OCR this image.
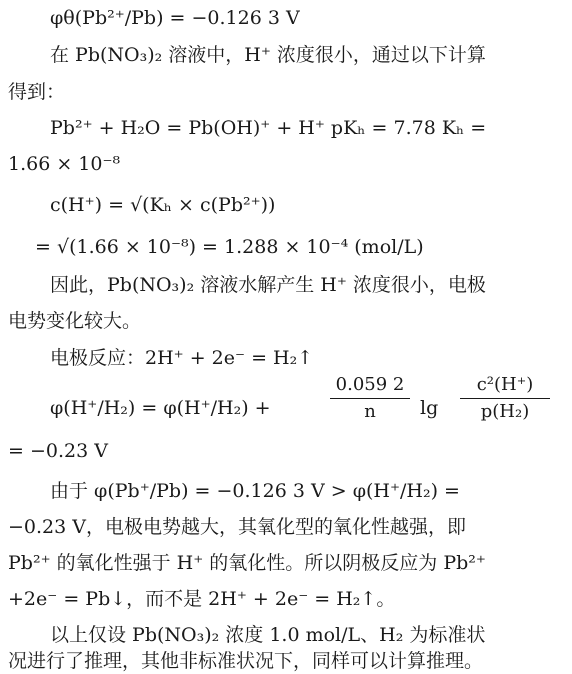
φθ(Pb²⁺/Pb) = −0.126 3 V
在 Pb(NO₃)₂ 溶液中，H⁺ 浓度很小，通过以下计算
得到：
Pb²⁺ + H₂O = Pb(OH)⁺ + H⁺ pKₕ = 7.78 Kₕ =
1.66 × 10⁻⁸
c(H⁺) = √(Kₕ × c(Pb²⁺))
= √(1.66 × 10⁻⁸) = 1.288 × 10⁻⁴ (mol/L)
因此，Pb(NO₃)₂ 溶液水解产生 H⁺ 浓度很小，电极
电势变化较大。
电极反应：2H⁺ + 2e⁻ = H₂↑
φ(H⁺/H₂) = φ(H⁺/H₂) +
0.059 2
n	lg
c²(H⁺)
p(H₂)
= −0.23 V
由于 φ(Pb⁺/Pb) = −0.126 3 V > φ(H⁺/H₂) =
−0.23 V，电极电势越大，其氧化型的氧化性越强，即
Pb²⁺ 的氧化性强于 H⁺ 的氧化性。所以阴极反应为 Pb²⁺
+2e⁻ = Pb↓，而不是 2H⁺ + 2e⁻ = H₂↑。
以上仅设 Pb(NO₃)₂ 浓度 1.0 mol/L、H₂ 为标准状
况进行了推理，其他非标准状况下，同样可以计算推理。
